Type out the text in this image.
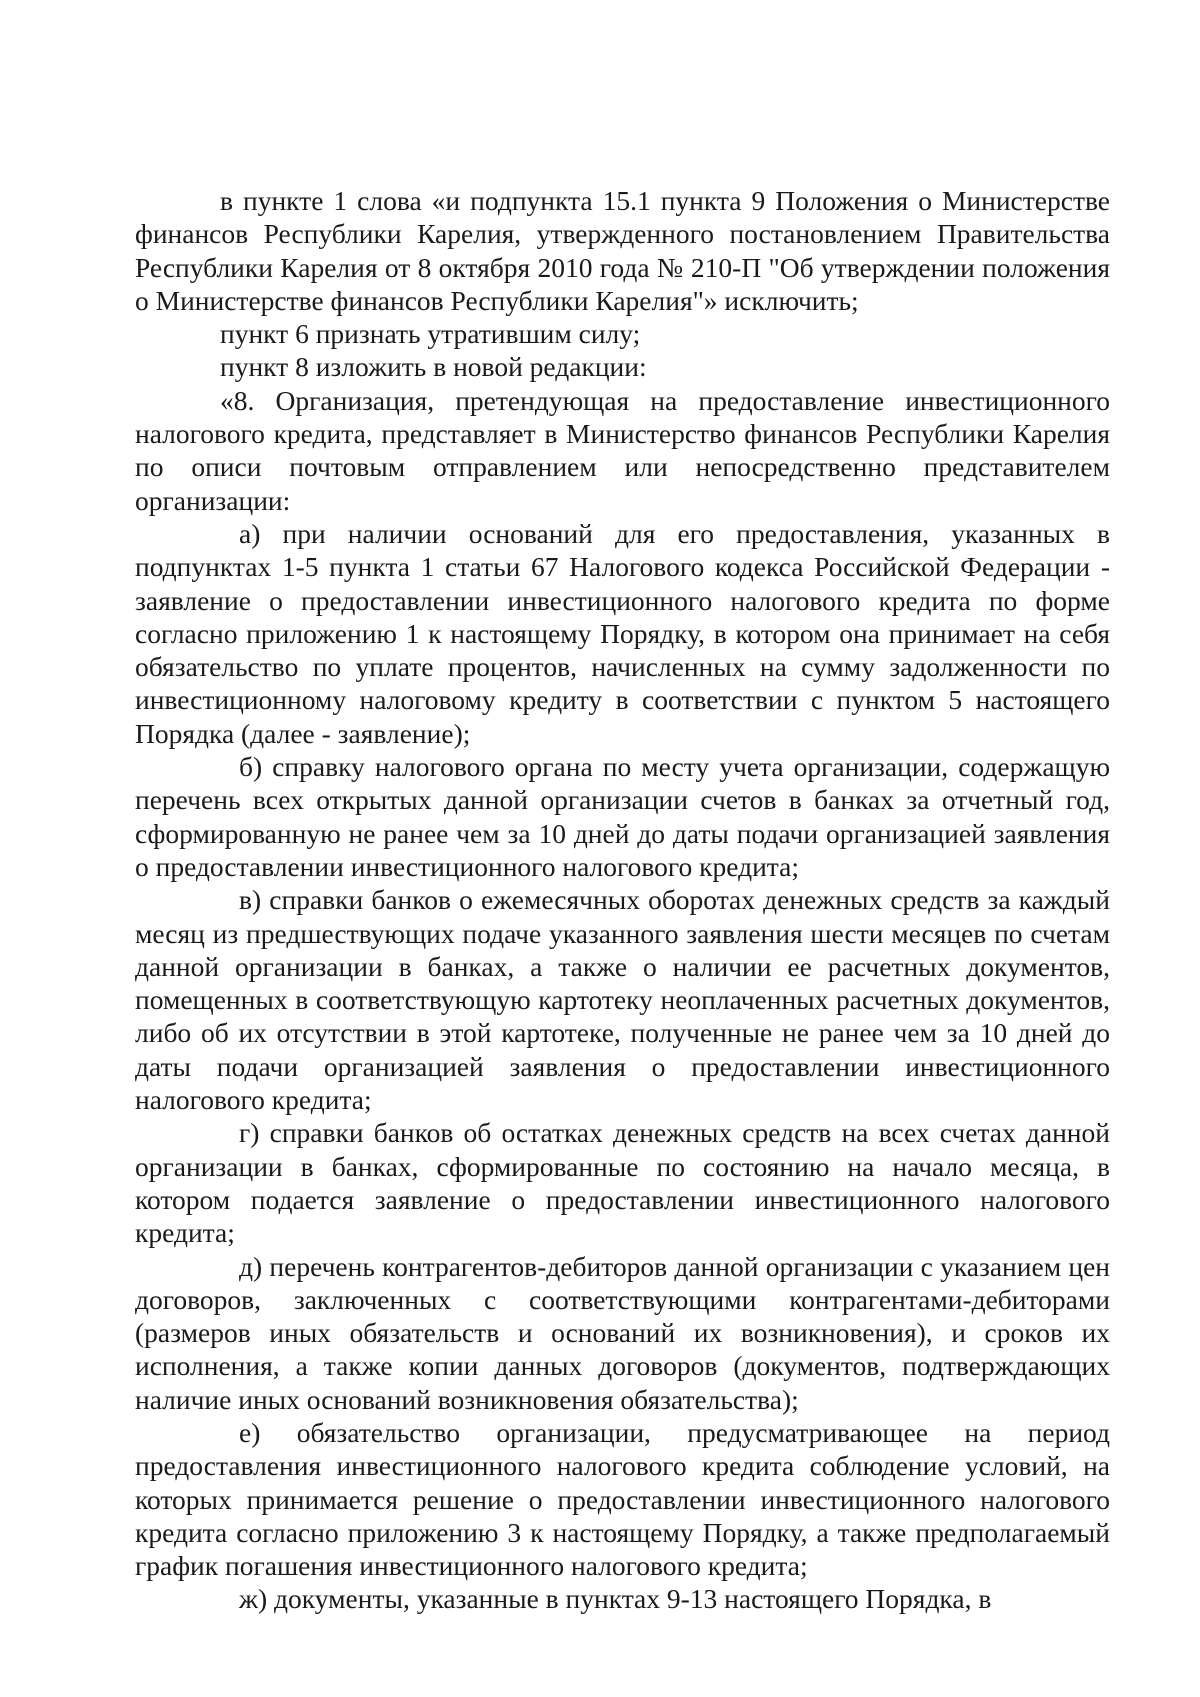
в пункте 1 слова «и подпункта 15.1 пункта 9 Положения о Министерстве финансов Республики Карелия, утвержденного постановлением Правительства Республики Карелия от 8 октября 2010 года № 210-П "Об утверждении положения о Министерстве финансов Республики Карелия"» исключить;

пункт 6 признать утратившим силу;

пункт 8 изложить в новой редакции:

«8. Организация, претендующая на предоставление инвестиционного налогового кредита, представляет в Министерство финансов Республики Карелия по описи почтовым отправлением или непосредственно представителем организации:

а) при наличии оснований для его предоставления, указанных в подпунктах 1-5 пункта 1 статьи 67 Налогового кодекса Российской Федерации - заявление о предоставлении инвестиционного налогового кредита по форме согласно приложению 1 к настоящему Порядку, в котором она принимает на себя обязательство по уплате процентов, начисленных на сумму задолженности по инвестиционному налоговому кредиту в соответствии с пунктом 5 настоящего Порядка (далее - заявление);

б) справку налогового органа по месту учета организации, содержащую перечень всех открытых данной организации счетов в банках за отчетный год, сформированную не ранее чем за 10 дней до даты подачи организацией заявления о предоставлении инвестиционного налогового кредита;

в) справки банков о ежемесячных оборотах денежных средств за каждый месяц из предшествующих подаче указанного заявления шести месяцев по счетам данной организации в банках, а также о наличии ее расчетных документов, помещенных в соответствующую картотеку неоплаченных расчетных документов, либо об их отсутствии в этой картотеке, полученные не ранее чем за 10 дней до даты подачи организацией заявления о предоставлении инвестиционного налогового кредита;

г) справки банков об остатках денежных средств на всех счетах данной организации в банках, сформированные по состоянию на начало месяца, в котором подается заявление о предоставлении инвестиционного налогового кредита;

д) перечень контрагентов-дебиторов данной организации с указанием цен договоров, заключенных с соответствующими контрагентами-дебиторами (размеров иных обязательств и оснований их возникновения), и сроков их исполнения, а также копии данных договоров (документов, подтверждающих наличие иных оснований возникновения обязательства);

е) обязательство организации, предусматривающее на период предоставления инвестиционного налогового кредита соблюдение условий, на которых принимается решение о предоставлении инвестиционного налогового кредита согласно приложению 3 к настоящему Порядку, а также предполагаемый график погашения инвестиционного налогового кредита;

ж) документы, указанные в пунктах 9-13 настоящего Порядка, в
